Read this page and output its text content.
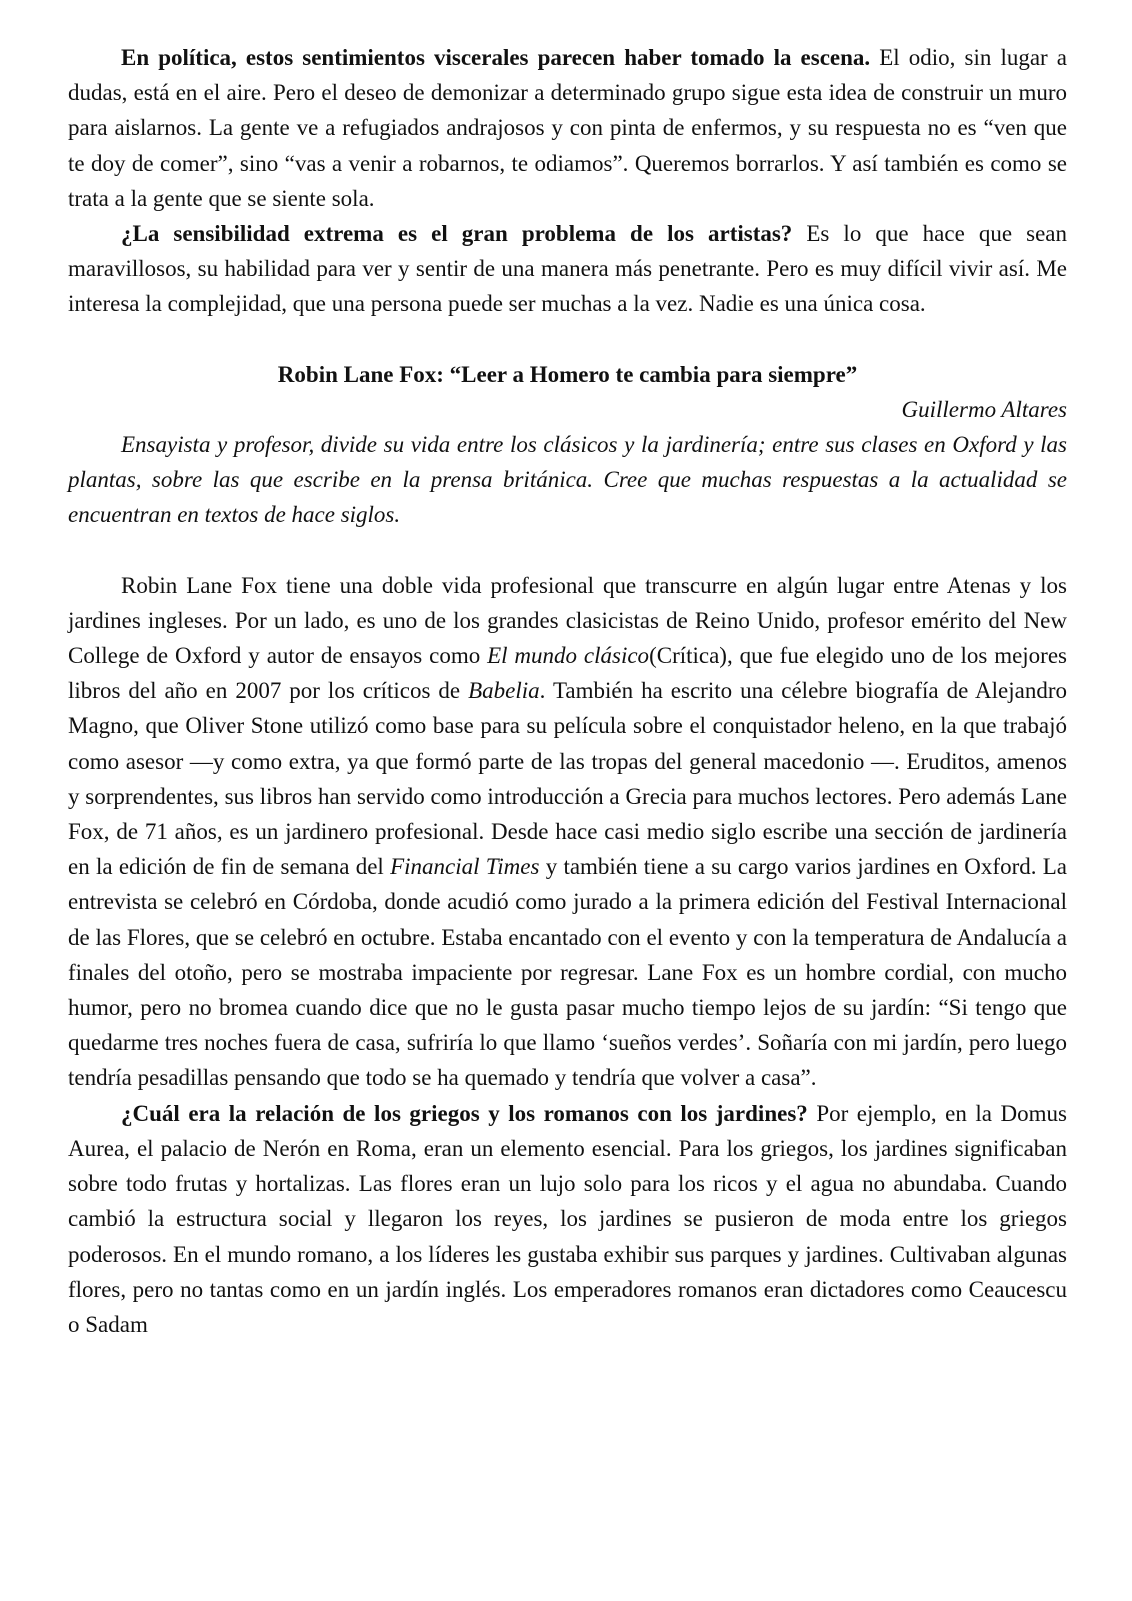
En política, estos sentimientos viscerales parecen haber tomado la escena. El odio, sin lugar a dudas, está en el aire. Pero el deseo de demonizar a determinado grupo sigue esta idea de construir un muro para aislarnos. La gente ve a refugiados andrajosos y con pinta de enfermos, y su respuesta no es “ven que te doy de comer”, sino “vas a venir a robarnos, te odiamos”. Queremos borrarlos. Y así también es como se trata a la gente que se siente sola.

¿La sensibilidad extrema es el gran problema de los artistas? Es lo que hace que sean maravillosos, su habilidad para ver y sentir de una manera más penetrante. Pero es muy difícil vivir así. Me interesa la complejidad, que una persona puede ser muchas a la vez. Nadie es una única cosa.

Robin Lane Fox: “Leer a Homero te cambia para siempre”

Guillermo Altares

Ensayista y profesor, divide su vida entre los clásicos y la jardinería; entre sus clases en Oxford y las plantas, sobre las que escribe en la prensa británica. Cree que muchas respuestas a la actualidad se encuentran en textos de hace siglos.

Robin Lane Fox tiene una doble vida profesional que transcurre en algún lugar entre Atenas y los jardines ingleses. Por un lado, es uno de los grandes clasicistas de Reino Unido, profesor emérito del New College de Oxford y autor de ensayos como El mundo clásico(Crítica), que fue elegido uno de los mejores libros del año en 2007 por los críticos de Babelia. También ha escrito una célebre biografía de Alejandro Magno, que Oliver Stone utilizó como base para su película sobre el conquistador heleno, en la que trabajó como asesor —y como extra, ya que formó parte de las tropas del general macedonio —. Eruditos, amenos y sorprendentes, sus libros han servido como introducción a Grecia para muchos lectores. Pero además Lane Fox, de 71 años, es un jardinero profesional. Desde hace casi medio siglo escribe una sección de jardinería en la edición de fin de semana del Financial Times y también tiene a su cargo varios jardines en Oxford. La entrevista se celebró en Córdoba, donde acudió como jurado a la primera edición del Festival Internacional de las Flores, que se celebró en octubre. Estaba encantado con el evento y con la temperatura de Andalucía a finales del otoño, pero se mostraba impaciente por regresar. Lane Fox es un hombre cordial, con mucho humor, pero no bromea cuando dice que no le gusta pasar mucho tiempo lejos de su jardín: “Si tengo que quedarme tres noches fuera de casa, sufriría lo que llamo ‘sueños verdes’. Soñaría con mi jardín, pero luego tendría pesadillas pensando que todo se ha quemado y tendría que volver a casa”.

¿Cuál era la relación de los griegos y los romanos con los jardines? Por ejemplo, en la Domus Aurea, el palacio de Nerón en Roma, eran un elemento esencial. Para los griegos, los jardines significaban sobre todo frutas y hortalizas. Las flores eran un lujo solo para los ricos y el agua no abundaba. Cuando cambió la estructura social y llegaron los reyes, los jardines se pusieron de moda entre los griegos poderosos. En el mundo romano, a los líderes les gustaba exhibir sus parques y jardines. Cultivaban algunas flores, pero no tantas como en un jardín inglés. Los emperadores romanos eran dictadores como Ceaucescu o Sadam
